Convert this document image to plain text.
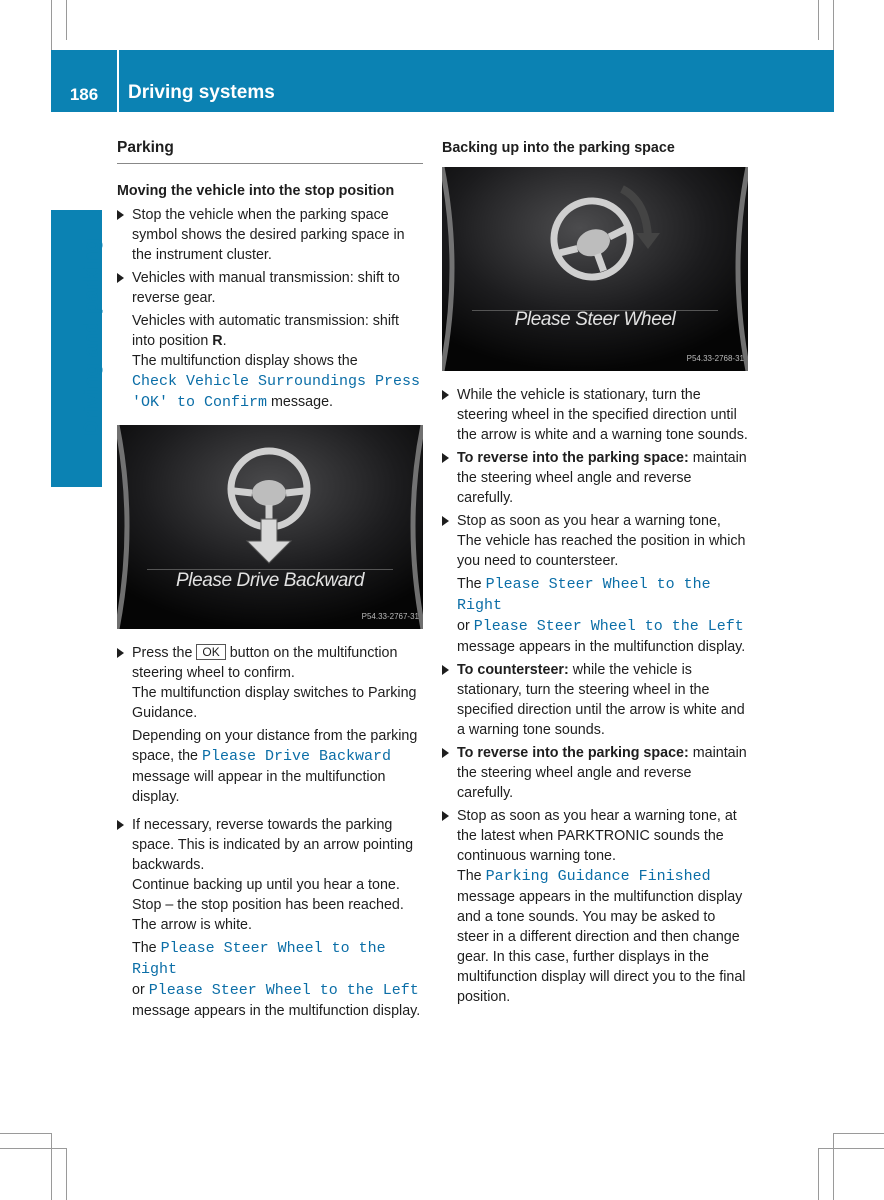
186	Driving systems
Driving and parking
Parking
Moving the vehicle into the stop position

Stop the vehicle when the parking space symbol shows the desired parking space in the instrument cluster.

Vehicles with manual transmission: shift to reverse gear.

Vehicles with automatic transmission: shift into position R.
The multifunction display shows the
Check Vehicle Surroundings Press 'OK' to Confirm message.

Please Drive Backward
P54.33-2767-31

Press the OK button on the multifunction steering wheel to confirm.
The multifunction display switches to Parking Guidance.

Depending on your distance from the parking space, the Please Drive Backward message will appear in the multifunction display.

If necessary, reverse towards the parking space. This is indicated by an arrow pointing backwards.
Continue backing up until you hear a tone. Stop – the stop position has been reached. The arrow is white.

The Please Steer Wheel to the Right
or Please Steer Wheel to the Left message appears in the multifunction display.

Backing up into the parking space
Please Steer Wheel
P54.33-2768-31

While the vehicle is stationary, turn the steering wheel in the specified direction until the arrow is white and a warning tone sounds.

To reverse into the parking space: maintain the steering wheel angle and reverse carefully.

Stop as soon as you hear a warning tone, The vehicle has reached the position in which you need to countersteer.

The Please Steer Wheel to the Right
or Please Steer Wheel to the Left message appears in the multifunction display.

To countersteer: while the vehicle is stationary, turn the steering wheel in the specified direction until the arrow is white and a warning tone sounds.

To reverse into the parking space: maintain the steering wheel angle and reverse carefully.

Stop as soon as you hear a warning tone, at the latest when PARKTRONIC sounds the continuous warning tone.
The Parking Guidance Finished message appears in the multifunction display and a tone sounds. You may be asked to steer in a different direction and then change gear. In this case, further displays in the multifunction display will direct you to the final position.
